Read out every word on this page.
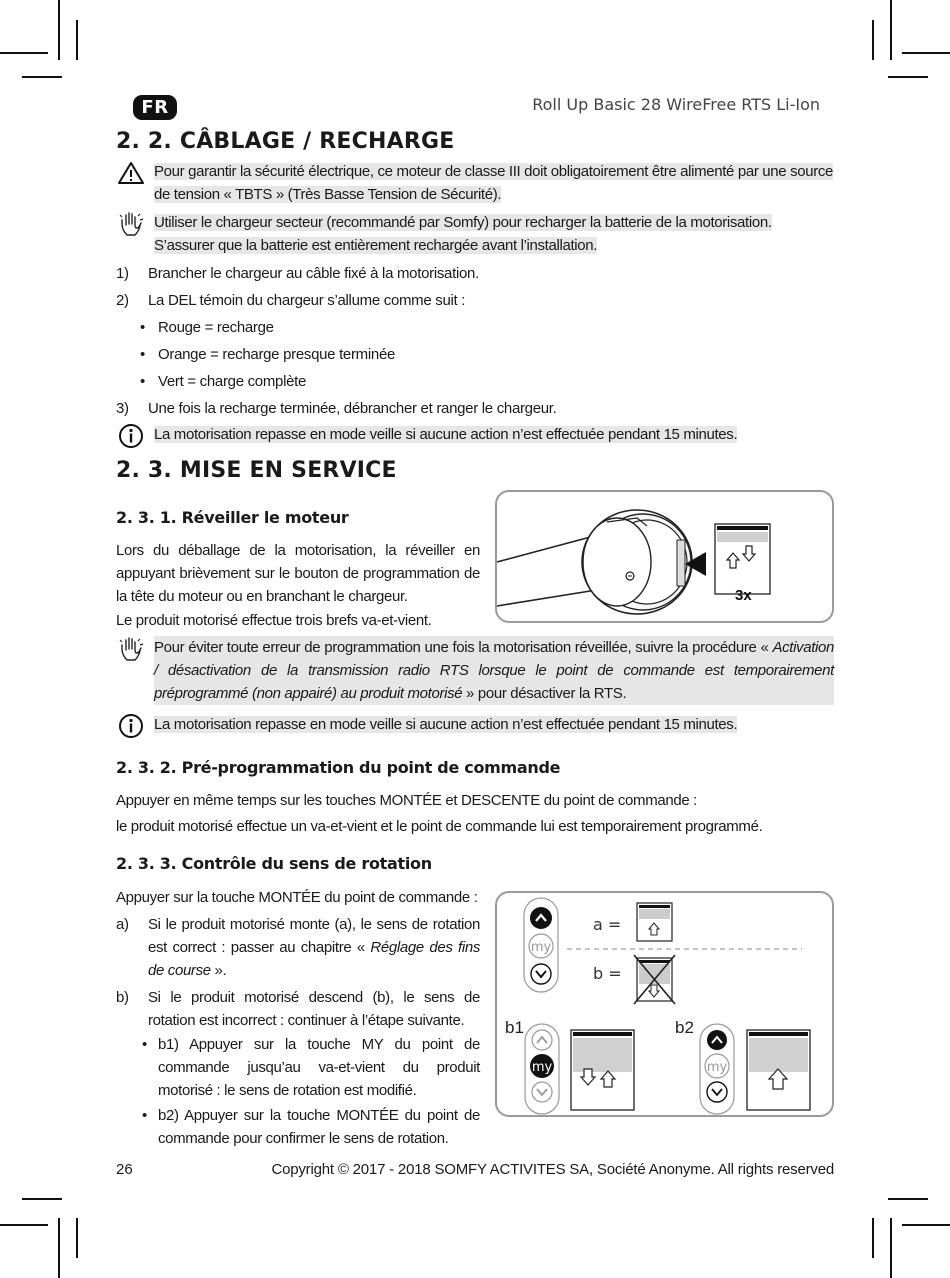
FR	Roll Up Basic 28 WireFree RTS Li-Ion
2. 2. CÂBLAGE / RECHARGE
Pour garantir la sécurité électrique, ce moteur de classe III doit obligatoirement être alimenté par une source de tension « TBTS » (Très Basse Tension de Sécurité).
Utiliser le chargeur secteur (recommandé par Somfy) pour recharger la batterie de la motorisation. S’assurer que la batterie est entièrement rechargée avant l’installation.
1) Brancher le chargeur au câble fixé à la motorisation.
2) La DEL témoin du chargeur s’allume comme suit :
• Rouge = recharge
• Orange = recharge presque terminée
• Vert = charge complète
3) Une fois la recharge terminée, débrancher et ranger le chargeur.
La motorisation repasse en mode veille si aucune action n’est effectuée pendant 15 minutes.
2. 3. MISE EN SERVICE
2. 3. 1. Réveiller le moteur
Lors du déballage de la motorisation, la réveiller en appuyant brièvement sur le bouton de programmation de la tête du moteur ou en branchant le chargeur.
Le produit motorisé effectue trois brefs va-et-vient.
3x
Pour éviter toute erreur de programmation une fois la motorisation réveillée, suivre la procédure « Activation / désactivation de la transmission radio RTS lorsque le point de commande est temporairement préprogrammé (non appairé) au produit motorisé » pour désactiver la RTS.
La motorisation repasse en mode veille si aucune action n’est effectuée pendant 15 minutes.
2. 3. 2. Pré-programmation du point de commande
Appuyer en même temps sur les touches MONTÉE et DESCENTE du point de commande :
le produit motorisé effectue un va-et-vient et le point de commande lui est temporairement programmé.
2. 3. 3. Contrôle du sens de rotation
Appuyer sur la touche MONTÉE du point de commande :
a) Si le produit motorisé monte (a), le sens de rotation est correct : passer au chapitre « Réglage des fins de course ».
b) Si le produit motorisé descend (b), le sens de rotation est incorrect : continuer à l’étape suivante.
• b1) Appuyer sur la touche MY du point de commande jusqu’au va-et-vient du produit motorisé : le sens de rotation est modifié.
• b2) Appuyer sur la touche MONTÉE du point de commande pour confirmer le sens de rotation.
my
a =
b =
b1
my
b2
my
26	Copyright © 2017 - 2018 SOMFY ACTIVITES SA, Société Anonyme. All rights reserved
